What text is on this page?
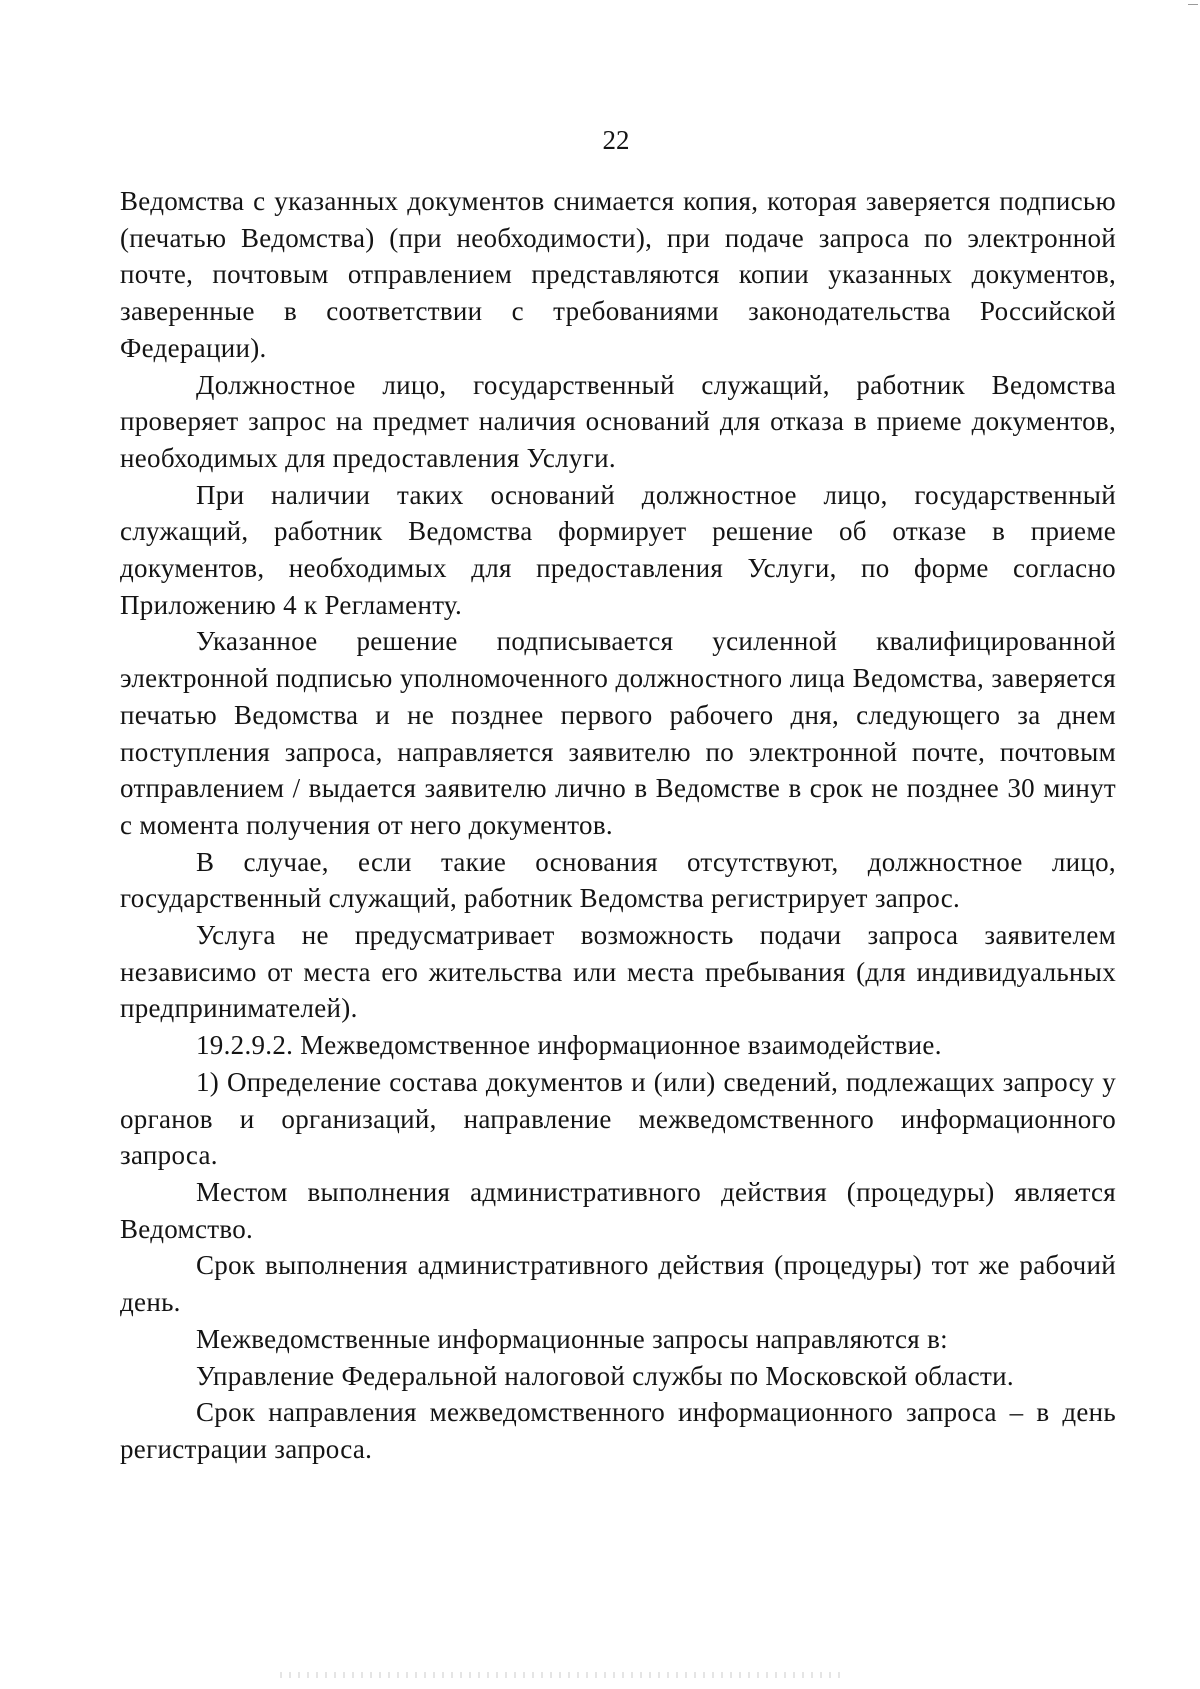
22

Ведомства с указанных документов снимается копия, которая заверяется подписью (печатью Ведомства) (при необходимости), при подаче запроса по электронной почте, почтовым отправлением представляются копии указанных документов, заверенные в соответствии с требованиями законодательства Российской Федерации).

Должностное лицо, государственный служащий, работник Ведомства проверяет запрос на предмет наличия оснований для отказа в приеме документов, необходимых для предоставления Услуги.

При наличии таких оснований должностное лицо, государственный служащий, работник Ведомства формирует решение об отказе в приеме документов, необходимых для предоставления Услуги, по форме согласно Приложению 4 к Регламенту.

Указанное решение подписывается усиленной квалифицированной электронной подписью уполномоченного должностного лица Ведомства, заверяется печатью Ведомства и не позднее первого рабочего дня, следующего за днем поступления запроса, направляется заявителю по электронной почте, почтовым отправлением / выдается заявителю лично в Ведомстве в срок не позднее 30 минут с момента получения от него документов.

В случае, если такие основания отсутствуют, должностное лицо, государственный служащий, работник Ведомства регистрирует запрос.

Услуга не предусматривает возможность подачи запроса заявителем независимо от места его жительства или места пребывания (для индивидуальных предпринимателей).

19.2.9.2. Межведомственное информационное взаимодействие.

1) Определение состава документов и (или) сведений, подлежащих запросу у органов и организаций, направление межведомственного информационного запроса.

Местом выполнения административного действия (процедуры) является Ведомство.

Срок выполнения административного действия (процедуры) тот же рабочий день.

Межведомственные информационные запросы направляются в:

Управление Федеральной налоговой службы по Московской области.

Срок направления межведомственного информационного запроса – в день регистрации запроса.
